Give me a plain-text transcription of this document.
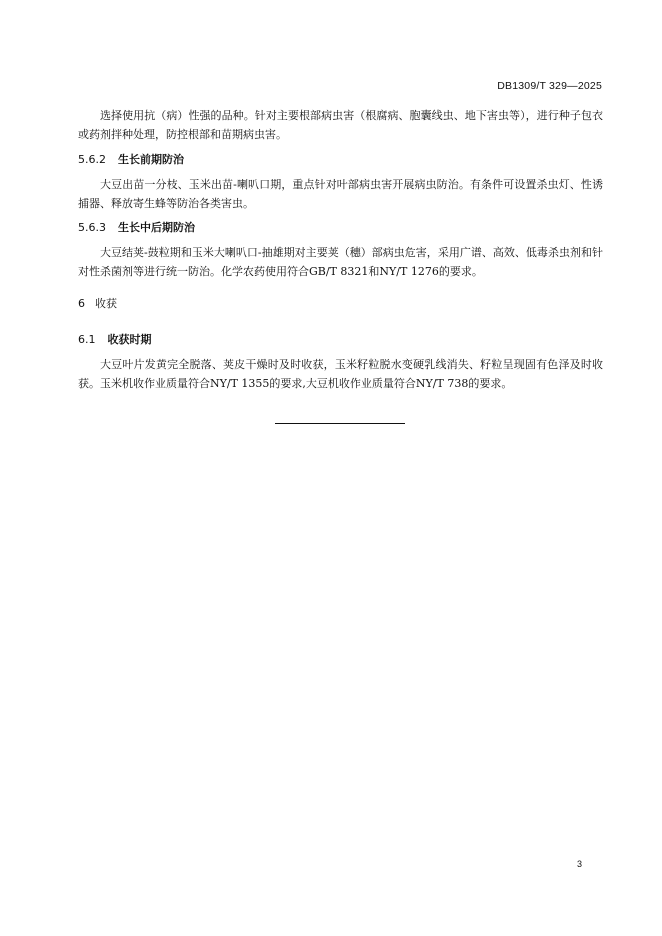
DB1309/T 329—2025

选择使用抗（病）性强的品种。针对主要根部病虫害（根腐病、胞囊线虫、地下害虫等），进行种子包衣或药剂拌种处理，防控根部和苗期病虫害。

5.6.2 生长前期防治

大豆出苗一分枝、玉米出苗-喇叭口期，重点针对叶部病虫害开展病虫防治。有条件可设置杀虫灯、性诱捕器、释放寄生蜂等防治各类害虫。

5.6.3 生长中后期防治

大豆结荚-鼓粒期和玉米大喇叭口-抽雄期对主要荚（穗）部病虫危害，采用广谱、高效、低毒杀虫剂和针对性杀菌剂等进行统一防治。化学农药使用符合GB/T 8321和NY/T 1276的要求。

6 收获
6.1 收获时期

大豆叶片发黄完全脱落、荚皮干燥时及时收获，玉米籽粒脱水变硬乳线消失、籽粒呈现固有色泽及时收获。玉米机收作业质量符合NY/T 1355的要求,大豆机收作业质量符合NY/T 738的要求。

3
